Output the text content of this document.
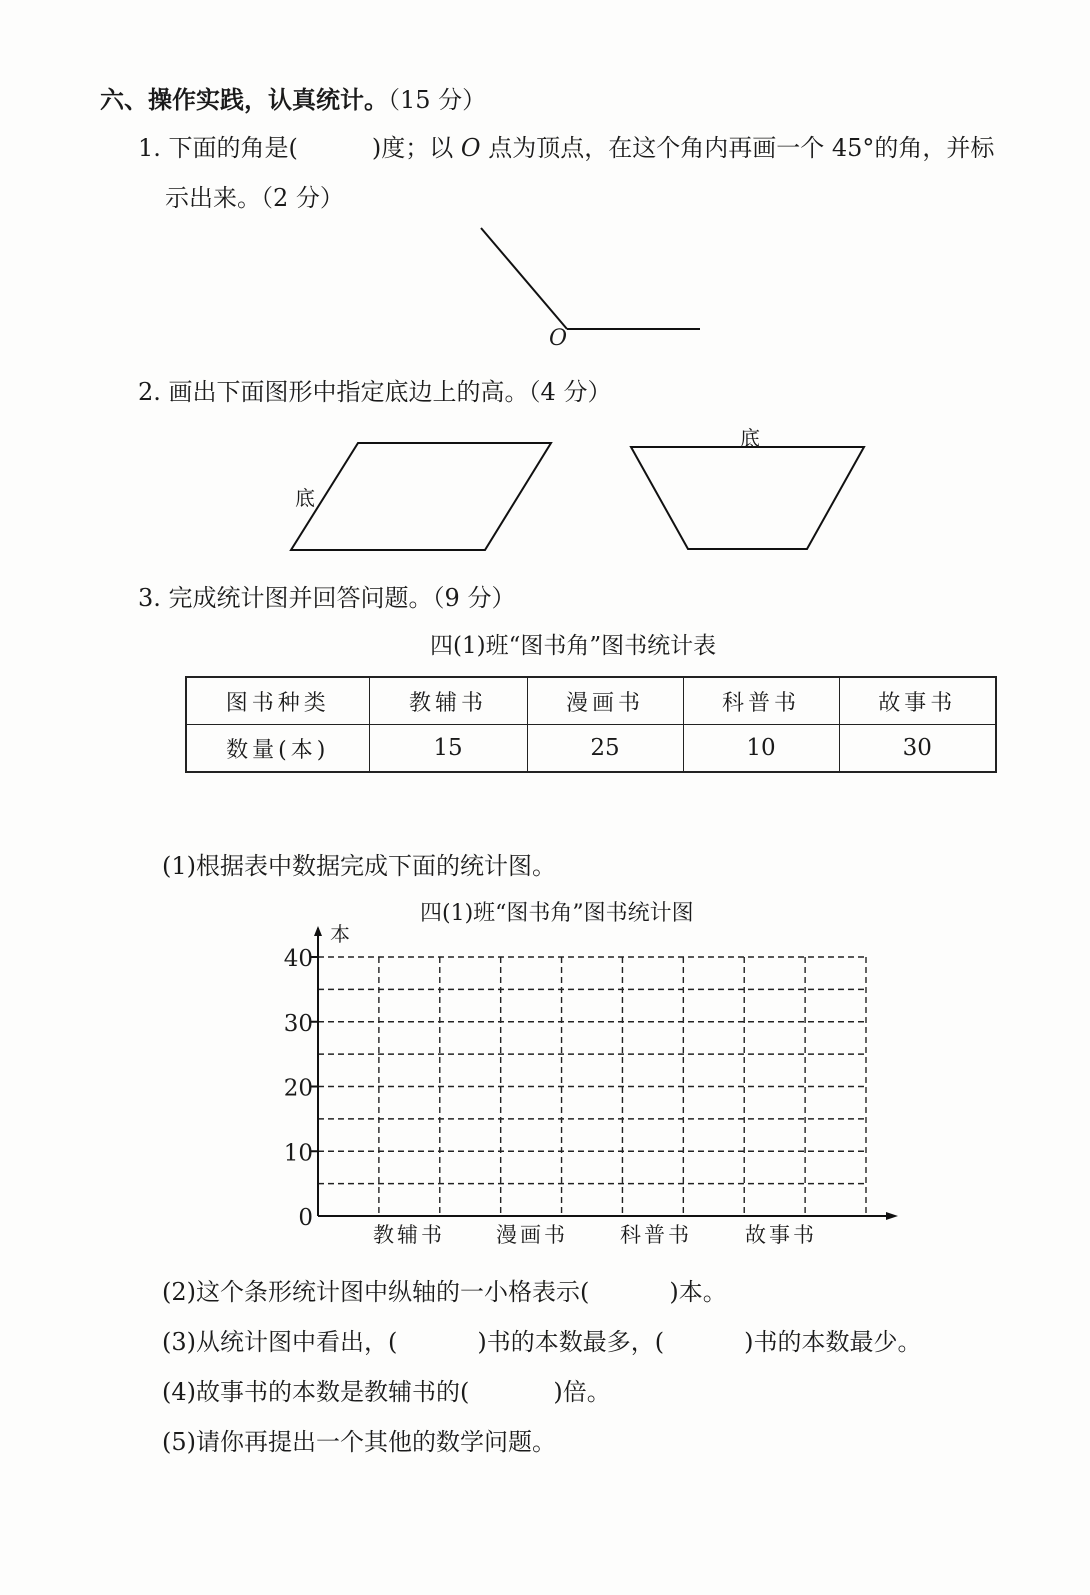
六、操作实践，认真统计。（15 分）
1. 下面的角是(	)度；以 O 点为顶点，在这个角内再画一个 45°的角，并标
示出来。（2 分）
0
10
20
30
40
教辅书 漫画书 科普书	故事书
O
2. 画出下面图形中指定底边上的高。（4 分）
底
底
3. 完成统计图并回答问题。（9 分）
四(1)班“图书角”图书统计表
图书种类	教辅书	漫画书	科普书	故事书
数量(本)	15	25	10	30
(1)根据表中数据完成下面的统计图。
四(1)班“图书角”图书统计图
本
(2)这个条形统计图中纵轴的一小格表示(	)本。
(3)从统计图中看出，(	)书的本数最多，(	)书的本数最少。
(4)故事书的本数是教辅书的(	)倍。
(5)请你再提出一个其他的数学问题。
